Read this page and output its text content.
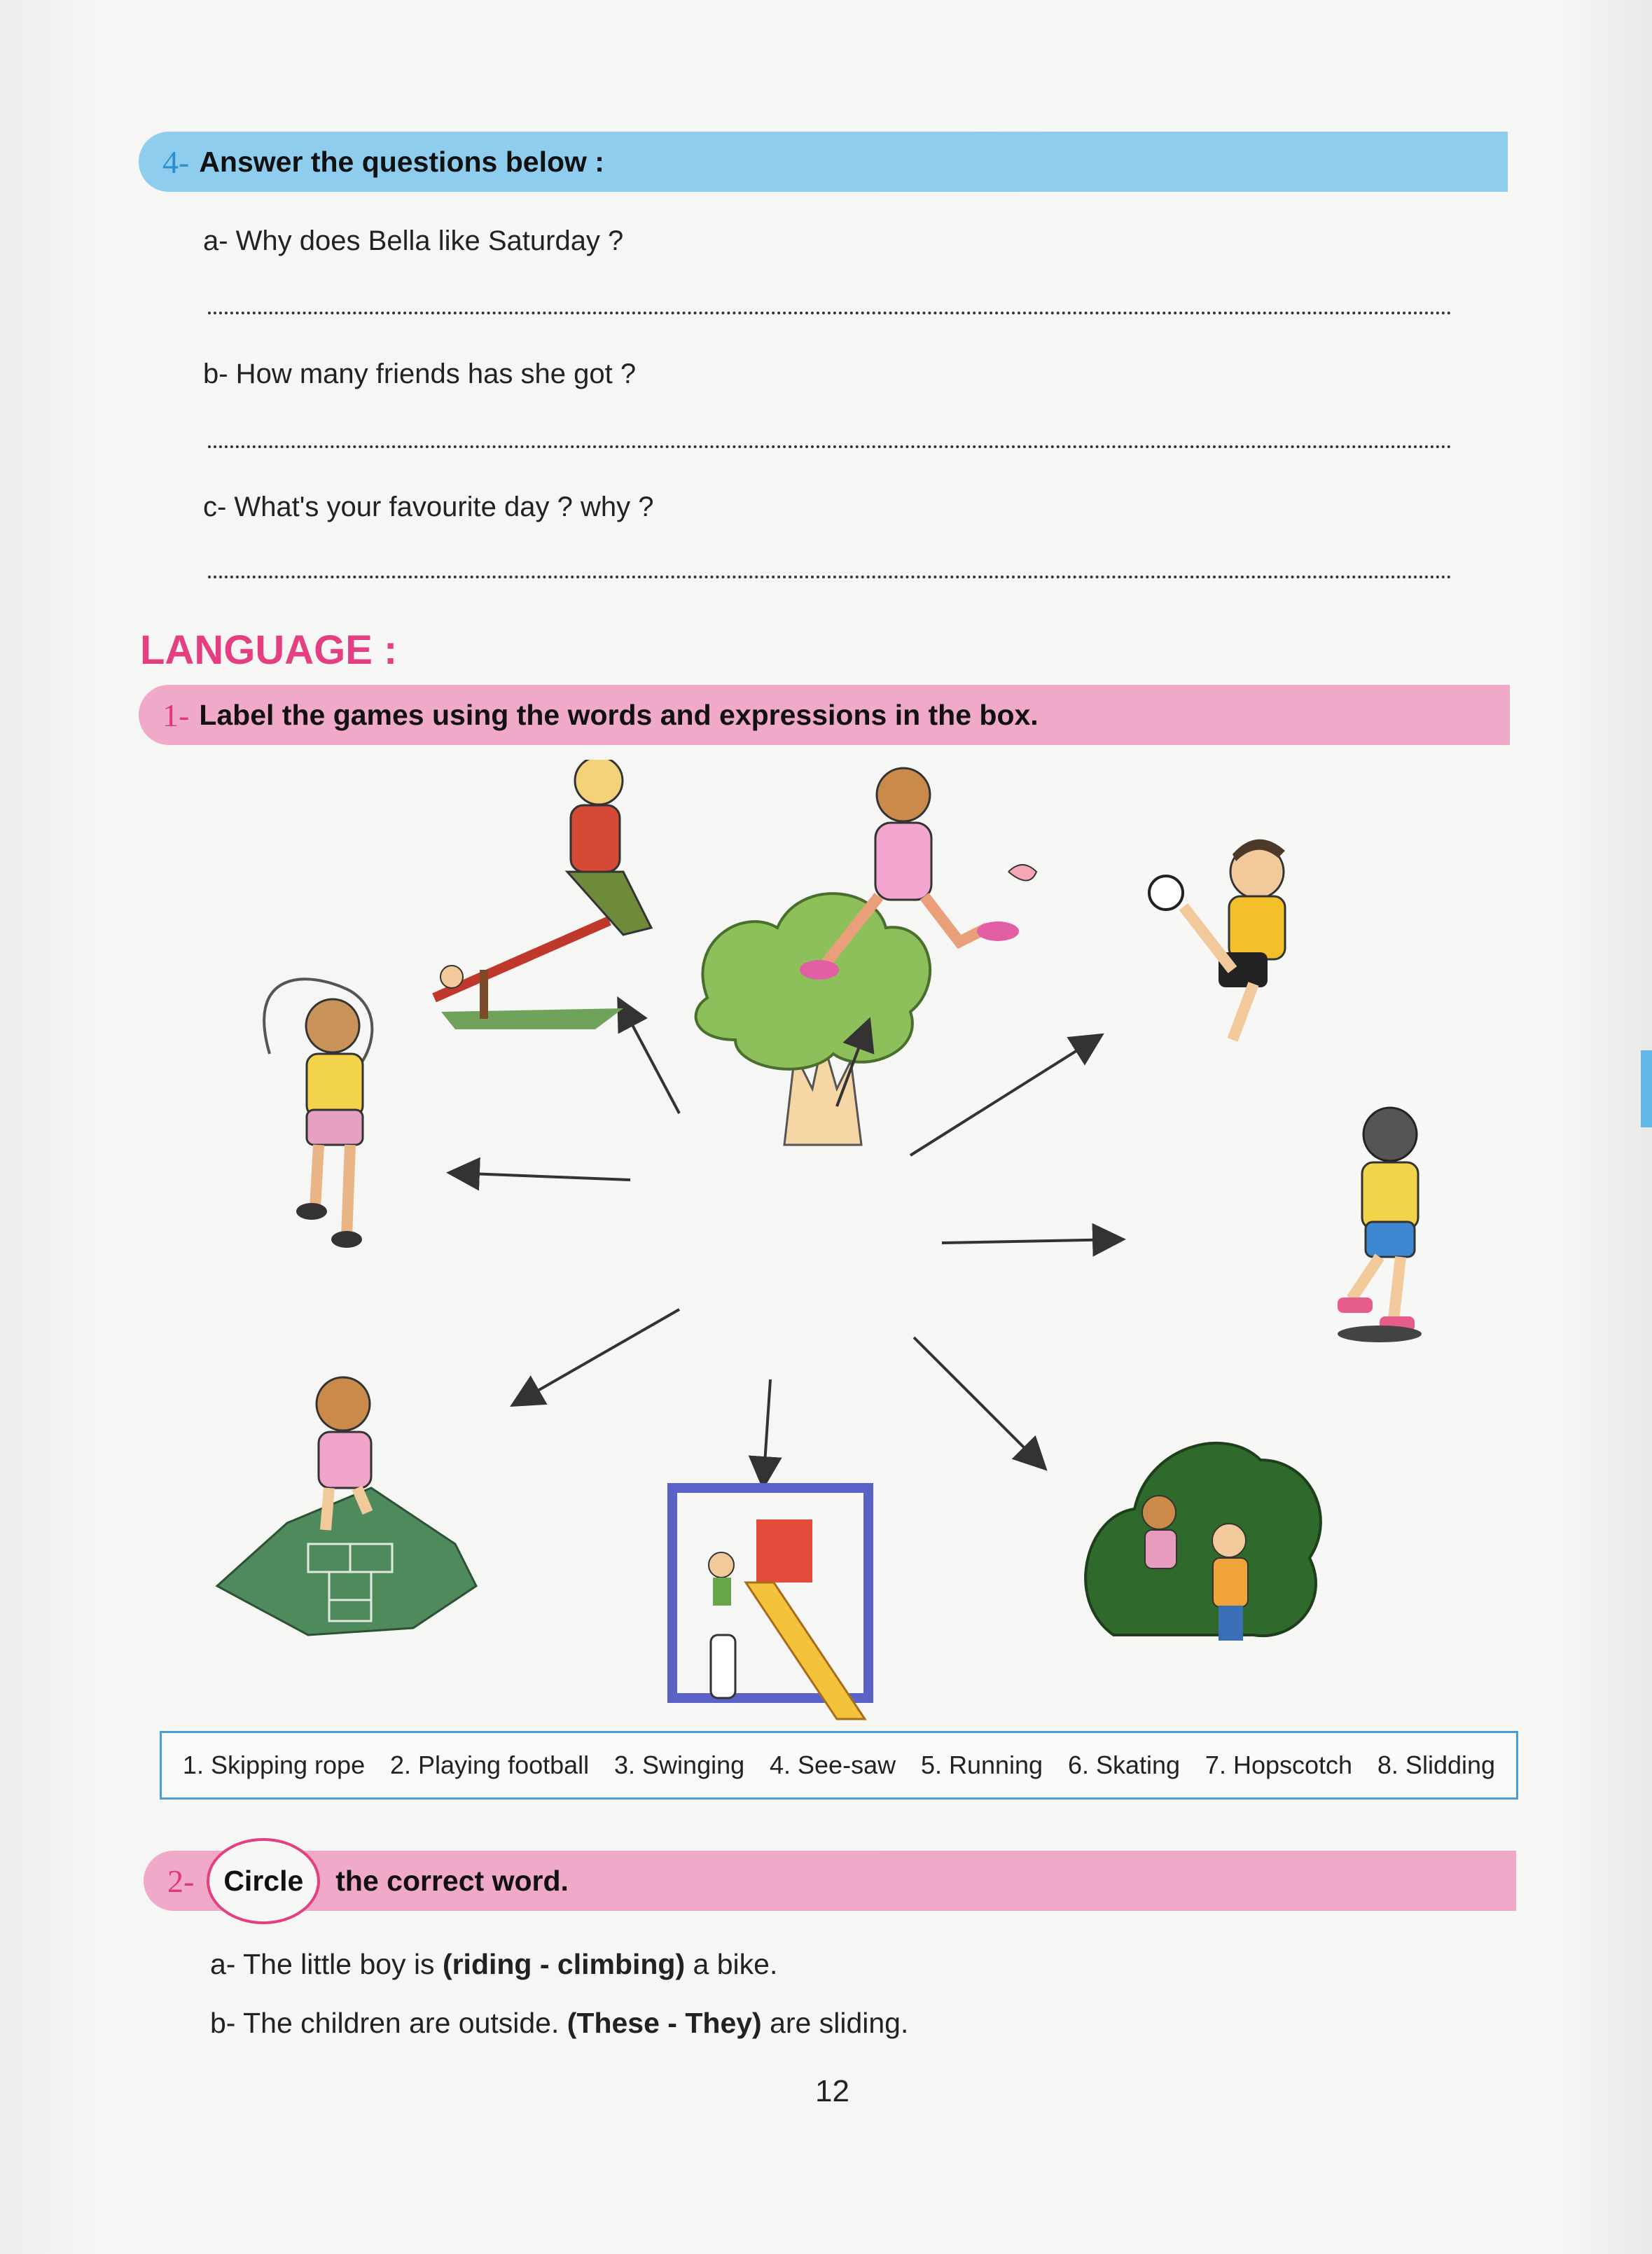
4- Answer the questions below :
a- Why does Bella like Saturday ?
b- How many friends has she got ?
c- What's your favourite day ? why ?
LANGUAGE :
1- Label the games using the words and expressions in the box.
1. Skipping rope 2. Playing football 3. Swinging 4. See-saw 5. Running 6. Skating 7. Hopscotch 8. Slidding
2-	Circle	the correct word.
a- The little boy is (riding - climbing) a bike.
b- The children are outside. (These - They) are sliding.
12
